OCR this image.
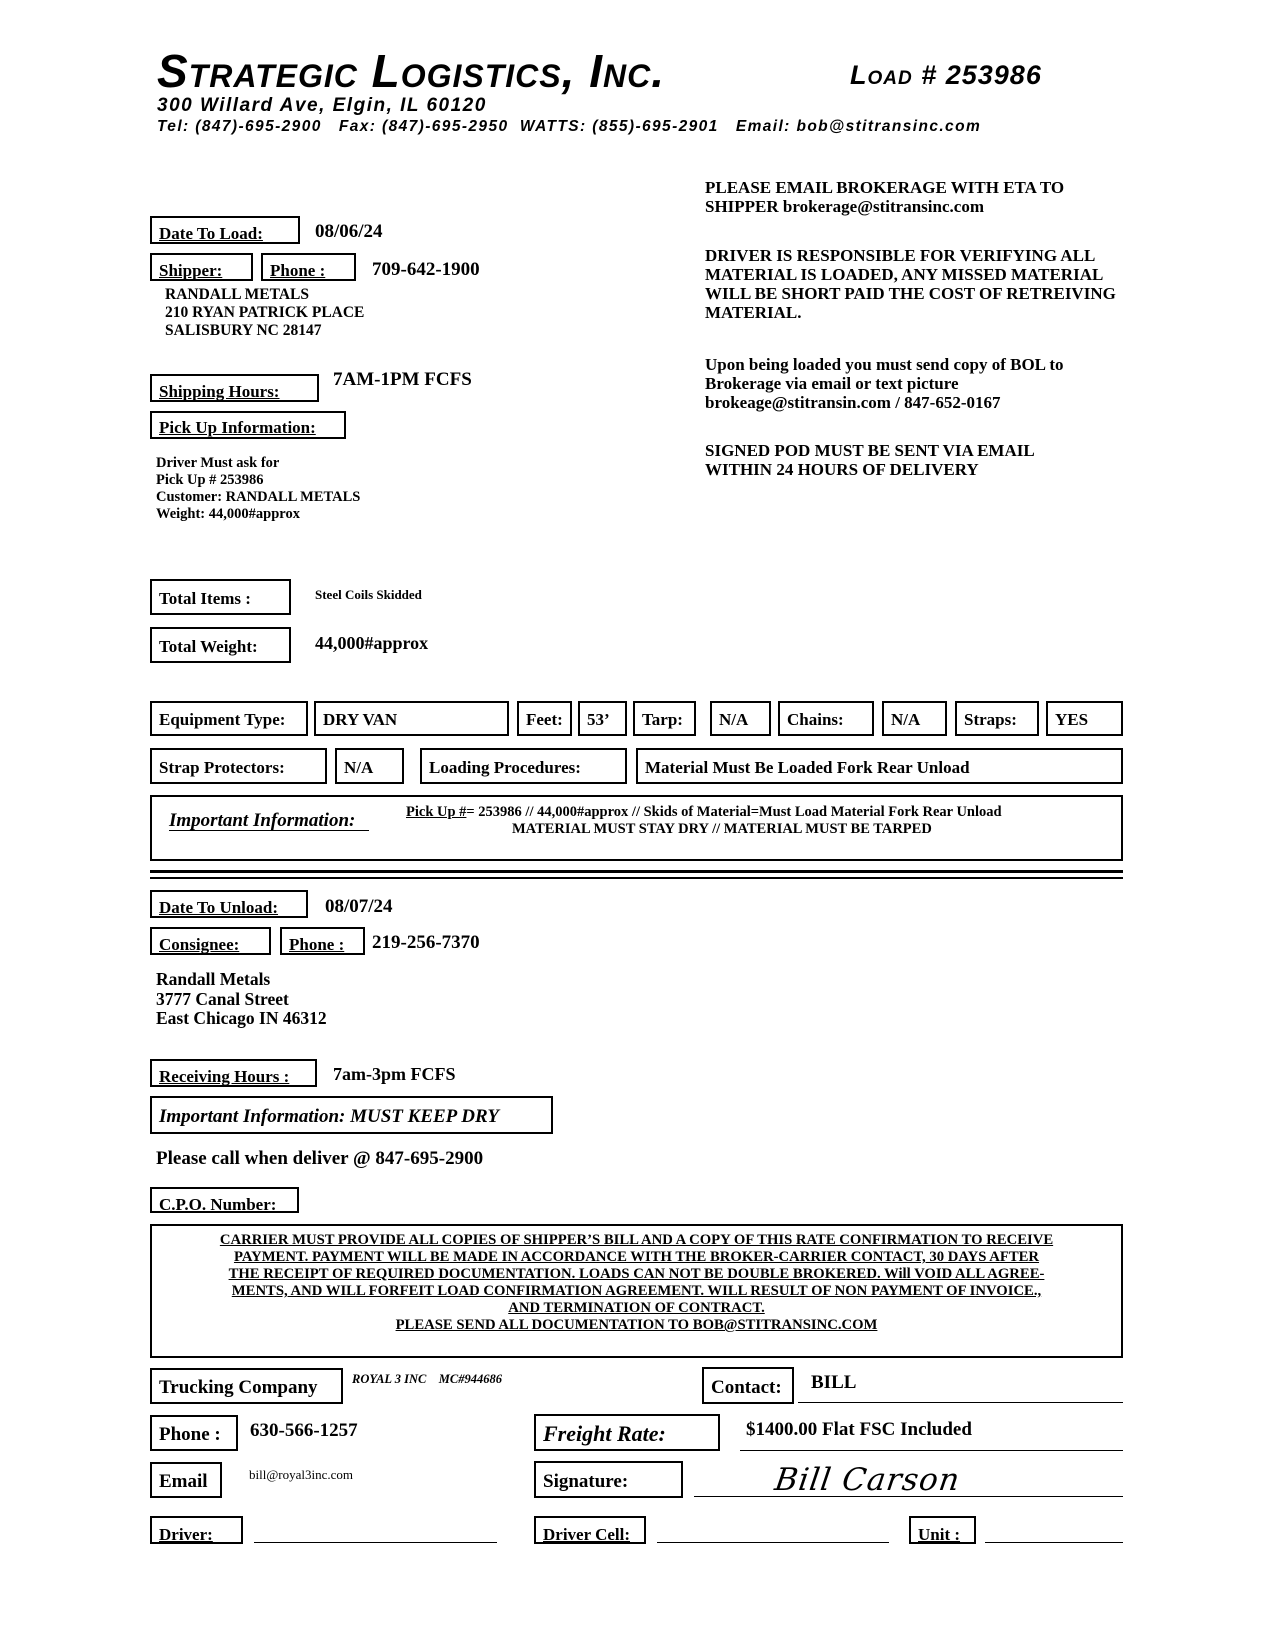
Strategic Logistics, Inc.	Load # 253986
300 Willard Ave, Elgin, IL 60120
Tel: (847)-695-2900   Fax: (847)-695-2950  WATTS: (855)-695-2901   Email: bob@stitransinc.com
PLEASE EMAIL BROKERAGE WITH ETA TO SHIPPER brokerage@stitransinc.com
DRIVER IS RESPONSIBLE FOR VERIFYING ALL MATERIAL IS LOADED, ANY MISSED MATERIAL WILL BE SHORT PAID THE COST OF RETREIVING MATERIAL.
Upon being loaded you must send copy of BOL to
Brokerage via email or text picture
brokeage@stitransin.com / 847-652-0167
SIGNED POD MUST BE SENT VIA EMAIL
WITHIN 24 HOURS OF DELIVERY
Date To Load:	08/06/24
Shipper:	Phone :	709-642-1900
RANDALL METALS
210 RYAN PATRICK PLACE
SALISBURY NC 28147
Shipping Hours:
7AM-1PM FCFS
Pick Up Information:
Driver Must ask for
Pick Up # 253986
Customer: RANDALL METALS
Weight: 44,000#approx
Total Items :	Steel Coils Skidded
Total Weight:	44,000#approx
Equipment Type:	DRY VAN	Feet:	53’	Tarp:	N/A	Chains:	N/A	Straps:	YES
Strap Protectors:	N/A	Loading Procedures:	Material Must Be Loaded Fork Rear Unload
Important Information:	Pick Up #= 253986 // 44,000#approx // Skids of Material=Must Load Material Fork Rear Unload
MATERIAL MUST STAY DRY // MATERIAL MUST BE TARPED
Date To Unload:	08/07/24
Consignee:	Phone :	219-256-7370
Randall Metals
3777 Canal Street
East Chicago IN 46312
Receiving Hours :	7am-3pm FCFS
Important Information: MUST KEEP DRY
Please call when deliver @ 847-695-2900
C.P.O. Number:
CARRIER MUST PROVIDE ALL COPIES OF SHIPPER’S BILL AND A COPY OF THIS RATE CONFIRMATION TO RECEIVE
PAYMENT. PAYMENT WILL BE MADE IN ACCORDANCE WITH THE BROKER-CARRIER CONTACT, 30 DAYS AFTER
THE RECEIPT OF REQUIRED DOCUMENTATION. LOADS CAN NOT BE DOUBLE BROKERED. Will VOID ALL AGREE-
MENTS, AND WILL FORFEIT LOAD CONFIRMATION AGREEMENT. WILL RESULT OF NON PAYMENT OF INVOICE.,
AND TERMINATION OF CONTRACT.
PLEASE SEND ALL DOCUMENTATION TO BOB@STITRANSINC.COM
Trucking Company	ROYAL 3 INC    MC#944686	Contact:	BILL
Phone :	630-566-1257	Freight Rate:	$1400.00 Flat FSC Included
Email	bill@royal3inc.com	Signature:	Bill Carson
Driver:	Driver Cell:	Unit :
